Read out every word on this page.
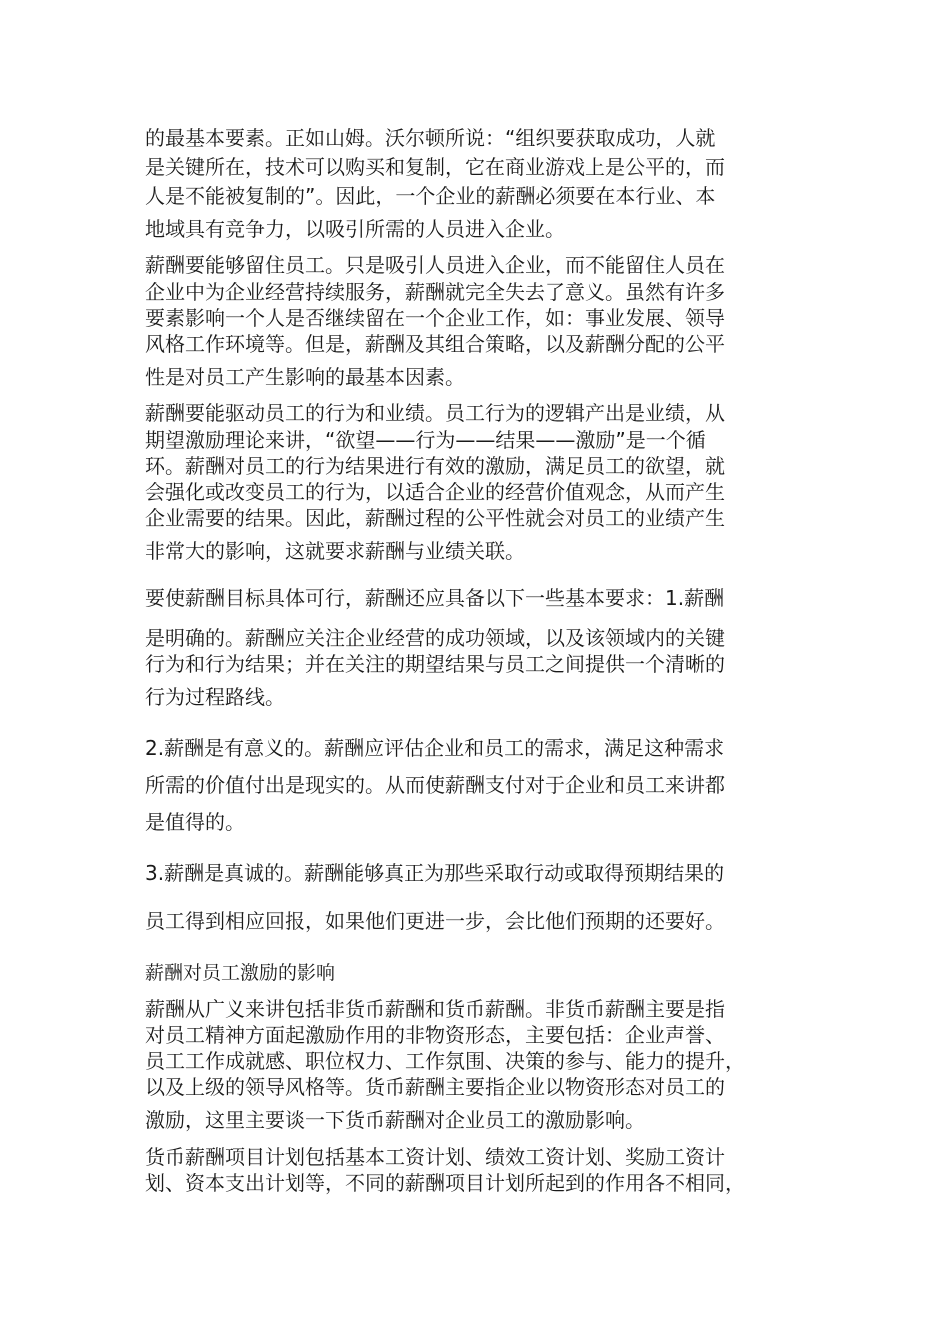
的最基本要素。正如山姆。沃尔顿所说：“组织要获取成功，人就
是关键所在，技术可以购买和复制，它在商业游戏上是公平的，而
人是不能被复制的”。因此，一个企业的薪酬必须要在本行业、本
地域具有竞争力，以吸引所需的人员进入企业。
薪酬要能够留住员工。只是吸引人员进入企业，而不能留住人员在
企业中为企业经营持续服务，薪酬就完全失去了意义。虽然有许多
要素影响一个人是否继续留在一个企业工作，如：事业发展、领导
风格工作环境等。但是，薪酬及其组合策略，以及薪酬分配的公平
性是对员工产生影响的最基本因素。
薪酬要能驱动员工的行为和业绩。员工行为的逻辑产出是业绩，从
期望激励理论来讲，“欲望——行为——结果——激励”是一个循
环。薪酬对员工的行为结果进行有效的激励，满足员工的欲望，就
会强化或改变员工的行为，以适合企业的经营价值观念，从而产生
企业需要的结果。因此，薪酬过程的公平性就会对员工的业绩产生
非常大的影响，这就要求薪酬与业绩关联。
要使薪酬目标具体可行，薪酬还应具备以下一些基本要求：1.薪酬
是明确的。薪酬应关注企业经营的成功领域，以及该领域内的关键
行为和行为结果；并在关注的期望结果与员工之间提供一个清晰的
行为过程路线。
2.薪酬是有意义的。薪酬应评估企业和员工的需求，满足这种需求
所需的价值付出是现实的。从而使薪酬支付对于企业和员工来讲都
是值得的。
3.薪酬是真诚的。薪酬能够真正为那些采取行动或取得预期结果的
员工得到相应回报，如果他们更进一步，会比他们预期的还要好。
薪酬对员工激励的影响
薪酬从广义来讲包括非货币薪酬和货币薪酬。非货币薪酬主要是指
对员工精神方面起激励作用的非物资形态，主要包括：企业声誉、
员工工作成就感、职位权力、工作氛围、决策的参与、能力的提升，
以及上级的领导风格等。货币薪酬主要指企业以物资形态对员工的
激励，这里主要谈一下货币薪酬对企业员工的激励影响。
货币薪酬项目计划包括基本工资计划、绩效工资计划、奖励工资计
划、资本支出计划等，不同的薪酬项目计划所起到的作用各不相同，
